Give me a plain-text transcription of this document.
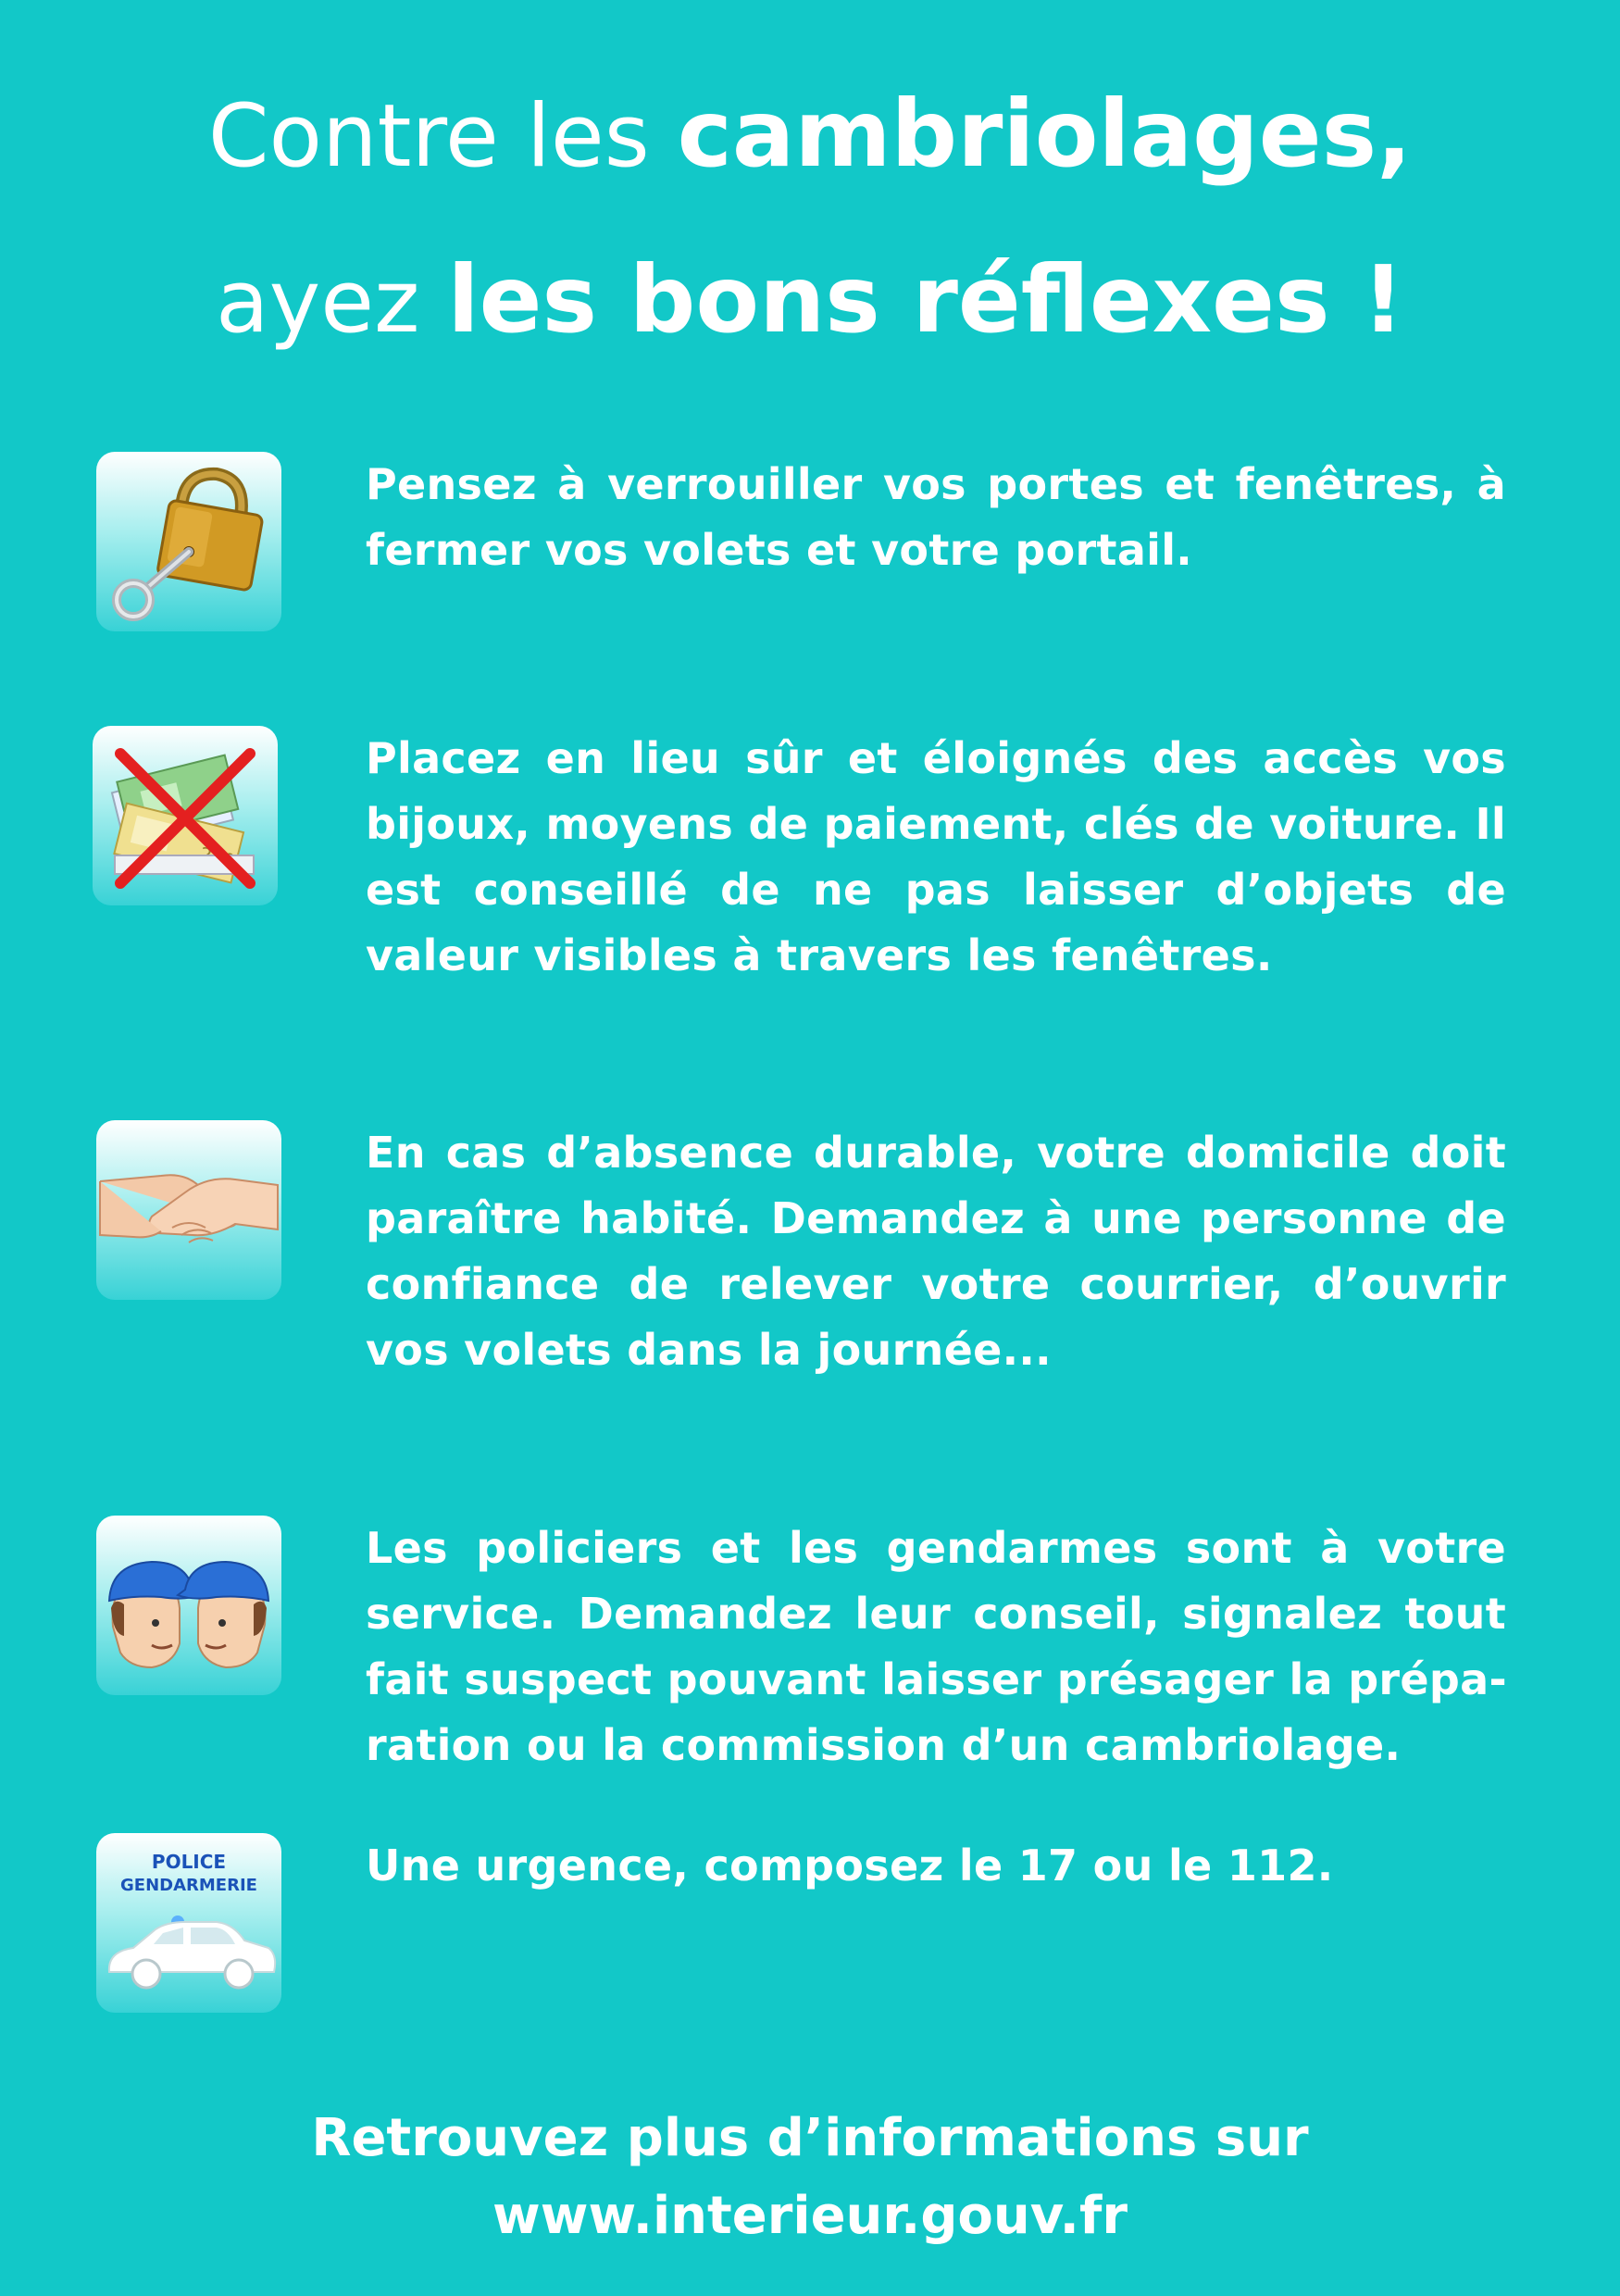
Contre les cambriolages,
ayez les bons réflexes !
Pensez à verrouiller vos portes et fenêtres, à
fermer vos volets et votre portail.
Placez en lieu sûr et éloignés des accès vos
bijoux, moyens de paiement, clés de voiture. Il
est conseillé de ne pas laisser d’objets de
valeur visibles à travers les fenêtres.
En cas d’absence durable, votre domicile doit
paraître habité. Demandez à une personne de
confiance de relever votre courrier, d’ouvrir
vos volets dans la journée...
Les policiers et les gendarmes sont à votre
service. Demandez leur conseil, signalez tout
fait suspect pouvant laisser présager la prépa-
ration ou la commission d’un cambriolage.
POLICE
GENDARMERIE	Une urgence, composez le 17 ou le 112.
Retrouvez plus d’informations sur
www.interieur.gouv.fr
